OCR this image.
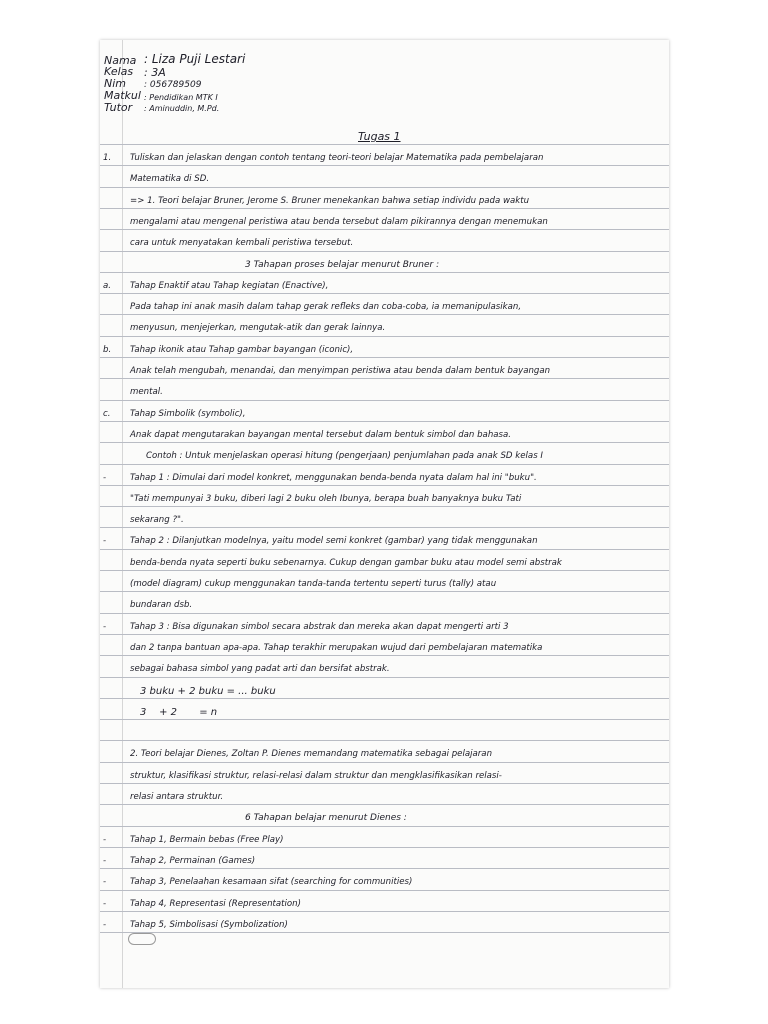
Nama : Liza Puji Lestari
Kelas : 3A
Nim : 056789509
Matkul : Pendidikan MTK I
Tutor : Aminuddin, M.Pd.
Tugas 1
1. Tuliskan dan jelaskan dengan contoh tentang teori-teori belajar Matematika pada pembelajaran
Matematika di SD.
=> 1. Teori belajar Bruner, Jerome S. Bruner menekankan bahwa setiap individu pada waktu
mengalami atau mengenal peristiwa atau benda tersebut dalam pikirannya dengan menemukan
cara untuk menyatakan kembali peristiwa tersebut.
3 Tahapan proses belajar menurut Bruner :
a. Tahap Enaktif atau Tahap kegiatan (Enactive),
Pada tahap ini anak masih dalam tahap gerak refleks dan coba-coba, ia memanipulasikan,
menyusun, menjejerkan, mengutak-atik dan gerak lainnya.
b. Tahap ikonik atau Tahap gambar bayangan (iconic),
Anak telah mengubah, menandai, dan menyimpan peristiwa atau benda dalam bentuk bayangan
mental.
c. Tahap Simbolik (symbolic),
Anak dapat mengutarakan bayangan mental tersebut dalam bentuk simbol dan bahasa.
Contoh : Untuk menjelaskan operasi hitung (pengerjaan) penjumlahan pada anak SD kelas I
-	Tahap 1 : Dimulai dari model konkret, menggunakan benda-benda nyata dalam hal ini "buku".
"Tati mempunyai 3 buku, diberi lagi 2 buku oleh Ibunya, berapa buah banyaknya buku Tati
sekarang ?".
-	Tahap 2 : Dilanjutkan modelnya, yaitu model semi konkret (gambar) yang tidak menggunakan
benda-benda nyata seperti buku sebenarnya. Cukup dengan gambar buku atau model semi abstrak
(model diagram) cukup menggunakan tanda-tanda tertentu seperti turus (tally) atau
bundaran dsb.
-	Tahap 3 : Bisa digunakan simbol secara abstrak dan mereka akan dapat mengerti arti 3
dan 2 tanpa bantuan apa-apa. Tahap terakhir merupakan wujud dari pembelajaran matematika
sebagai bahasa simbol yang padat arti dan bersifat abstrak.
3 buku + 2 buku = ... buku
3    + 2       = n
2. Teori belajar Dienes, Zoltan P. Dienes memandang matematika sebagai pelajaran
struktur, klasifikasi struktur, relasi-relasi dalam struktur dan mengklasifikasikan relasi-
relasi antara struktur.
6 Tahapan belajar menurut Dienes :
-	Tahap 1, Bermain bebas (Free Play)
-	Tahap 2, Permainan (Games)
-	Tahap 3, Penelaahan kesamaan sifat (searching for communities)
-	Tahap 4, Representasi (Representation)
-	Tahap 5, Simbolisasi (Symbolization)
